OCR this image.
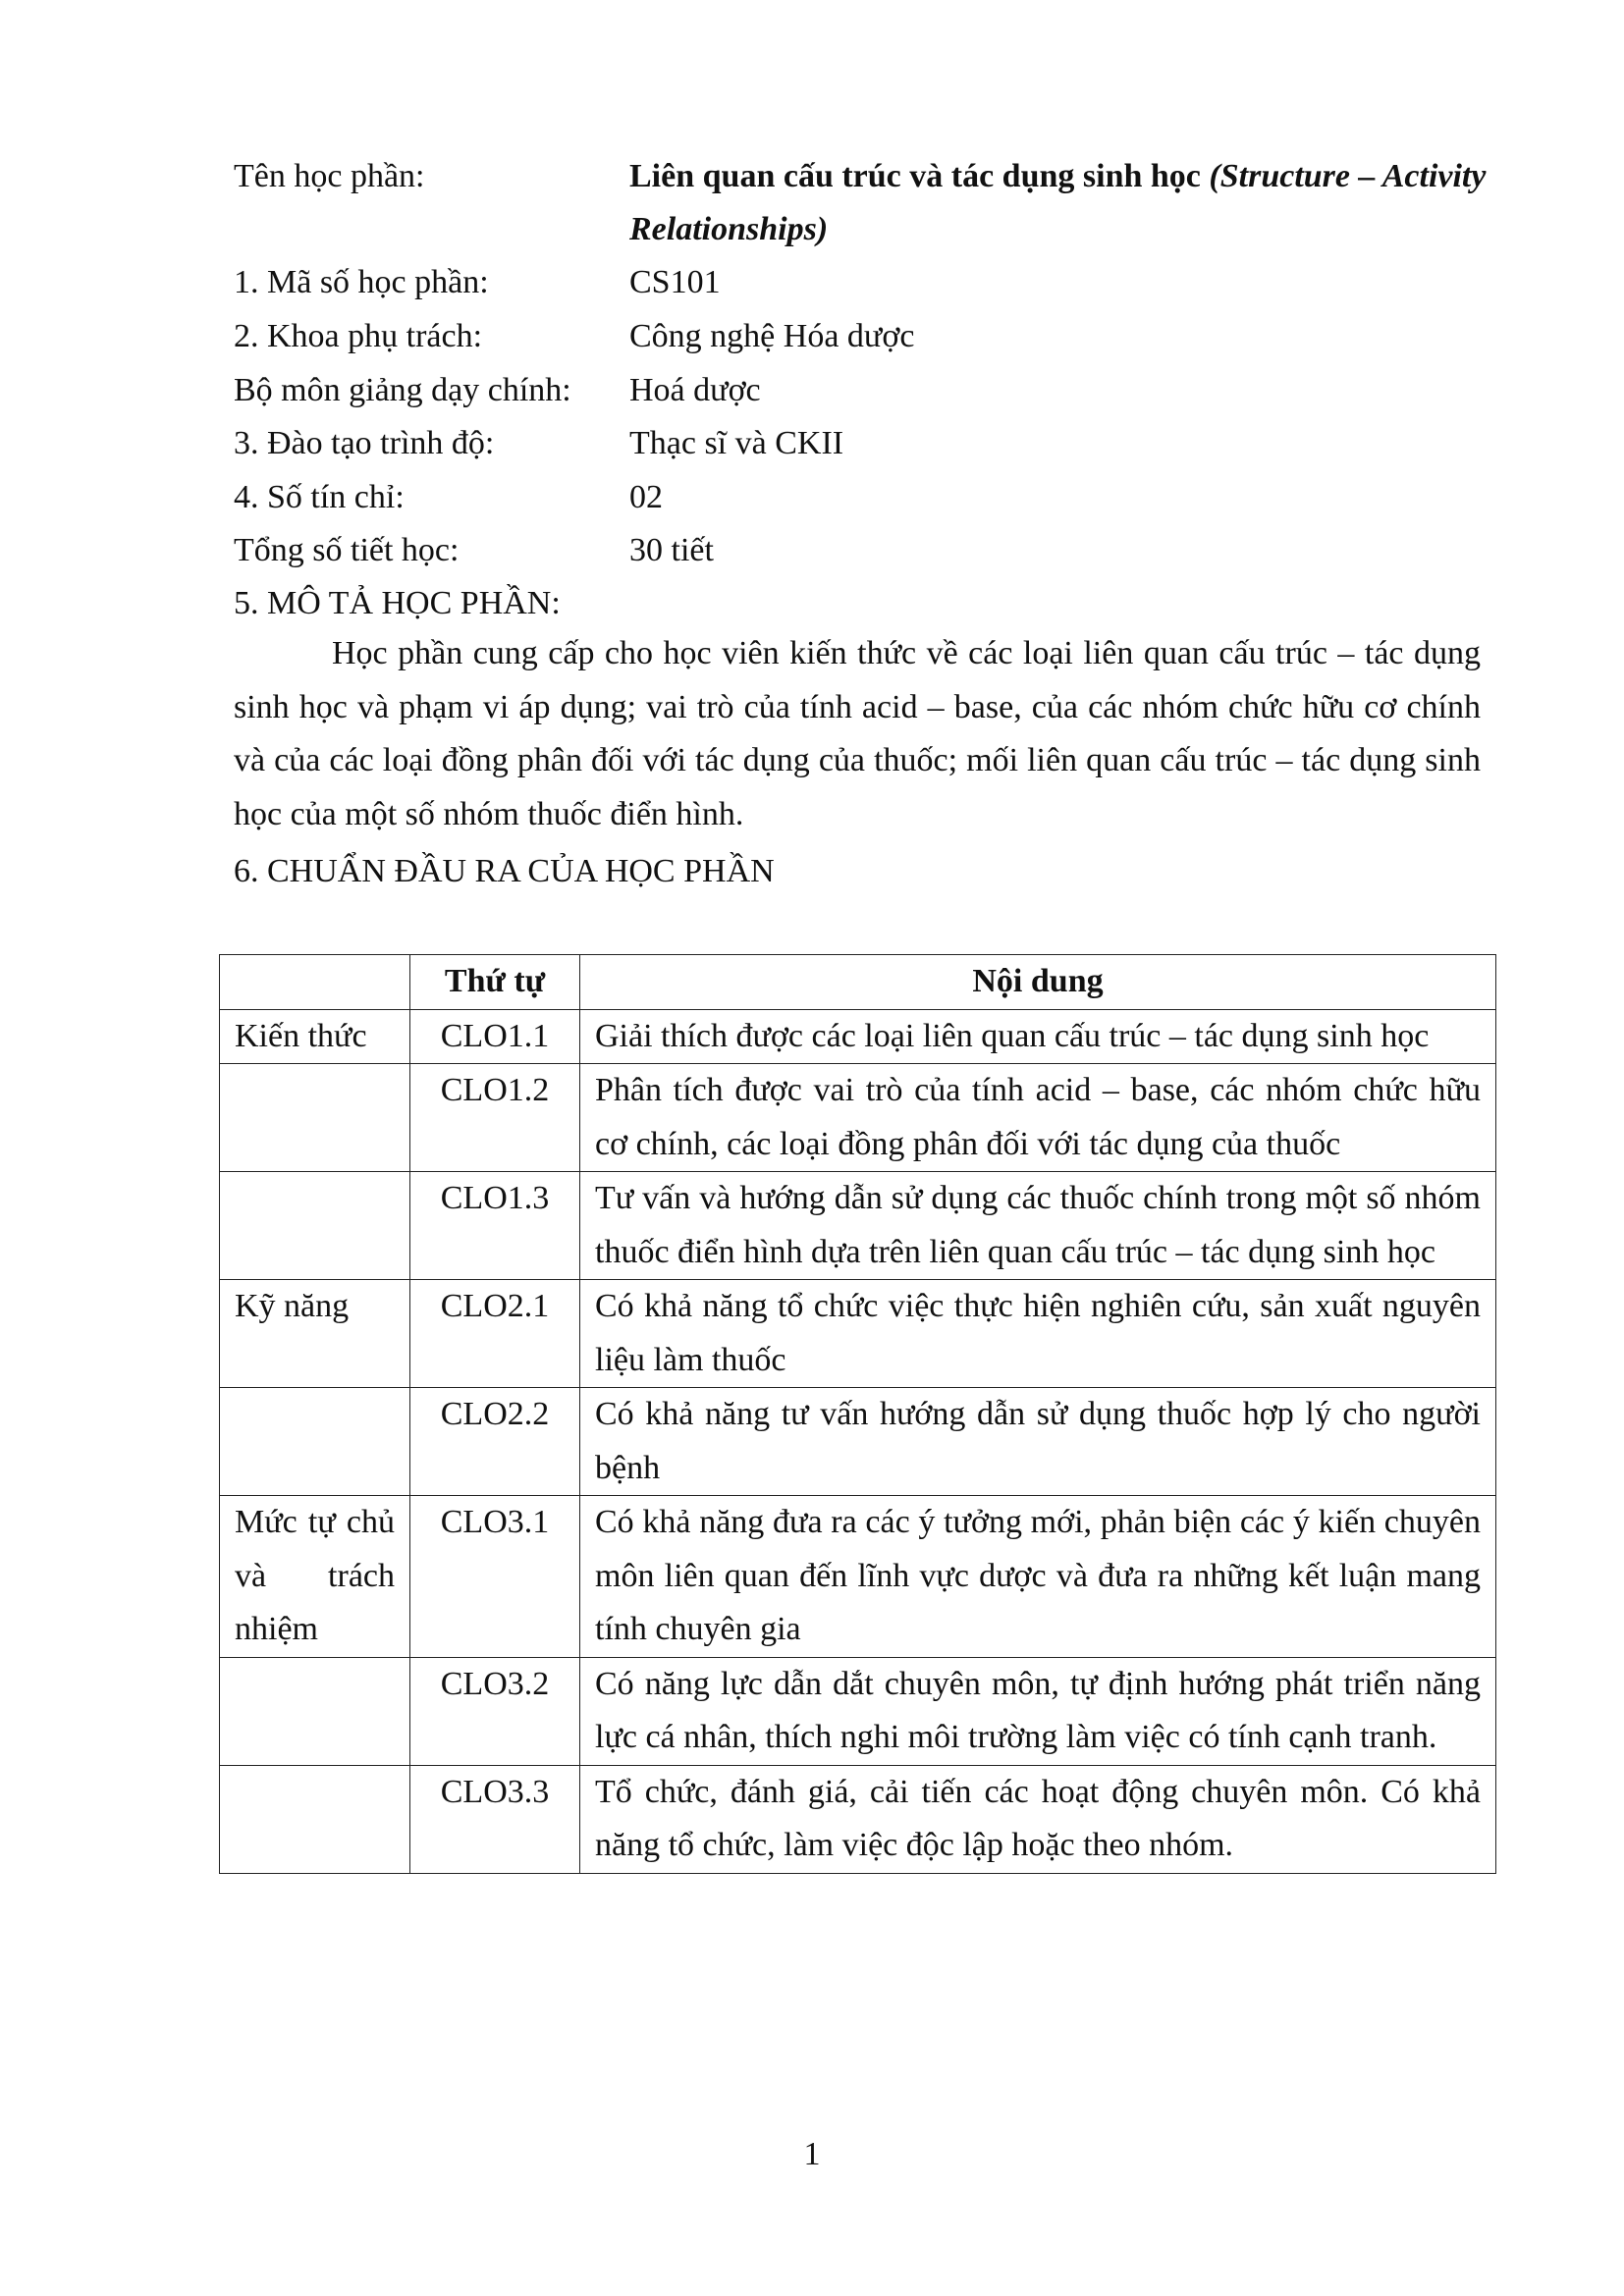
Tên học phần:	Liên quan cấu trúc và tác dụng sinh học (Structure – Activity Relationships)
1. Mã số học phần:	CS101
2. Khoa phụ trách:	Công nghệ Hóa dược
Bộ môn giảng dạy chính: Hoá dược
3. Đào tạo trình độ:	Thạc sĩ và CKII
4. Số tín chỉ:	02
Tổng số tiết học:	30 tiết
5. MÔ TẢ HỌC PHẦN:

Học phần cung cấp cho học viên kiến thức về các loại liên quan cấu trúc – tác dụng sinh học và phạm vi áp dụng; vai trò của tính acid – base, của các nhóm chức hữu cơ chính và của các loại đồng phân đối với tác dụng của thuốc; mối liên quan cấu trúc – tác dụng sinh học của một số nhóm thuốc điển hình.

6. CHUẨN ĐẦU RA CỦA HỌC PHẦN
	Thứ tự	Nội dung
Kiến thức	CLO1.1	Giải thích được các loại liên quan cấu trúc – tác dụng sinh học
	CLO1.2	Phân tích được vai trò của tính acid – base, các nhóm chức hữu cơ chính, các loại đồng phân đối với tác dụng của thuốc
	CLO1.3	Tư vấn và hướng dẫn sử dụng các thuốc chính trong một số nhóm thuốc điển hình dựa trên liên quan cấu trúc – tác dụng sinh học
Kỹ năng	CLO2.1	Có khả năng tổ chức việc thực hiện nghiên cứu, sản xuất nguyên liệu làm thuốc
	CLO2.2	Có khả năng tư vấn hướng dẫn sử dụng thuốc hợp lý cho người bệnh
Mức tự chủ và trách nhiệm	CLO3.1	Có khả năng đưa ra các ý tưởng mới, phản biện các ý kiến chuyên môn liên quan đến lĩnh vực dược và đưa ra những kết luận mang tính chuyên gia
	CLO3.2	Có năng lực dẫn dắt chuyên môn, tự định hướng phát triển năng lực cá nhân, thích nghi môi trường làm việc có tính cạnh tranh.
	CLO3.3	Tổ chức, đánh giá, cải tiến các hoạt động chuyên môn. Có khả năng tổ chức, làm việc độc lập hoặc theo nhóm.
1
